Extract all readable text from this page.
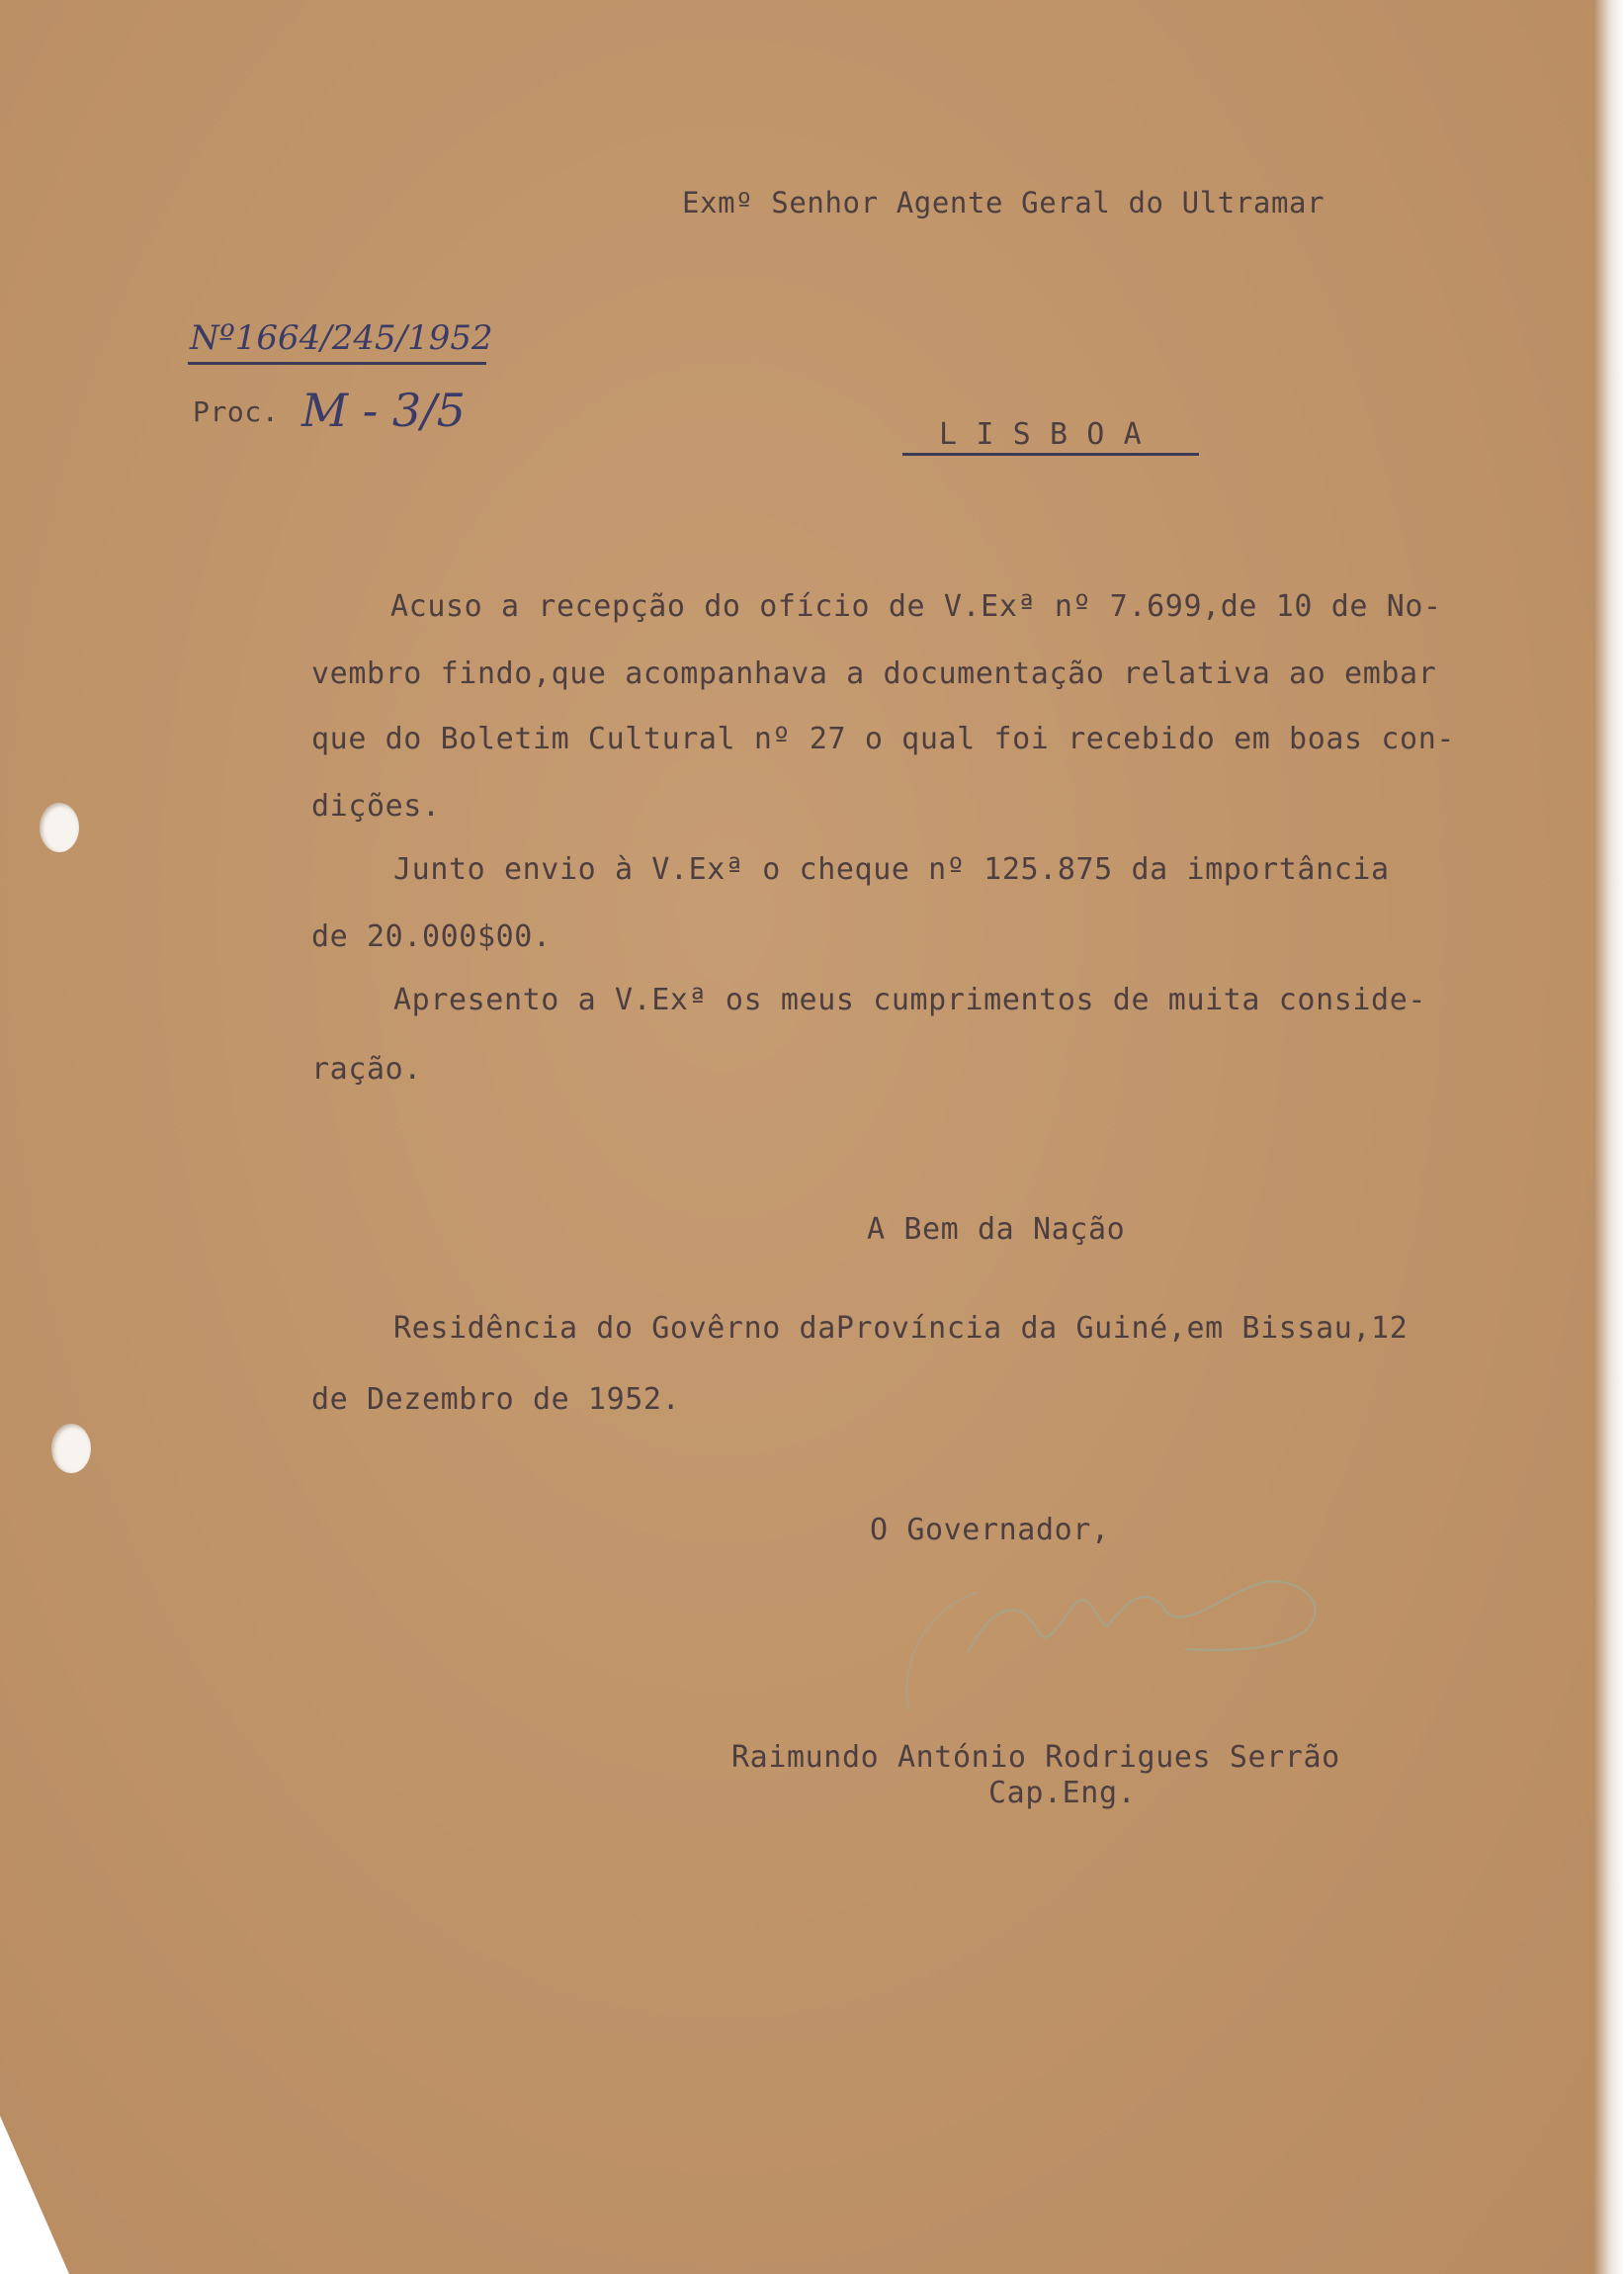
Exmº Senhor Agente Geral do Ultramar
Nº1664/245/1952
Proc. M - 3/5	L I S B O A
Acuso a recepção do ofício de V.Exª nº 7.699,de 10 de No-
vembro findo,que acompanhava a documentação relativa ao embar
que do Boletim Cultural nº 27 o qual foi recebido em boas con-
dições.
Junto envio à V.Exª o cheque nº 125.875 da importância
de 20.000$00.
Apresento a V.Exª os meus cumprimentos de muita conside-
ração.
A Bem da Nação
Residência do Govêrno daProvíncia da Guiné,em Bissau,12
de Dezembro de 1952.
O Governador,
Raimundo António Rodrigues Serrão
Cap.Eng.
